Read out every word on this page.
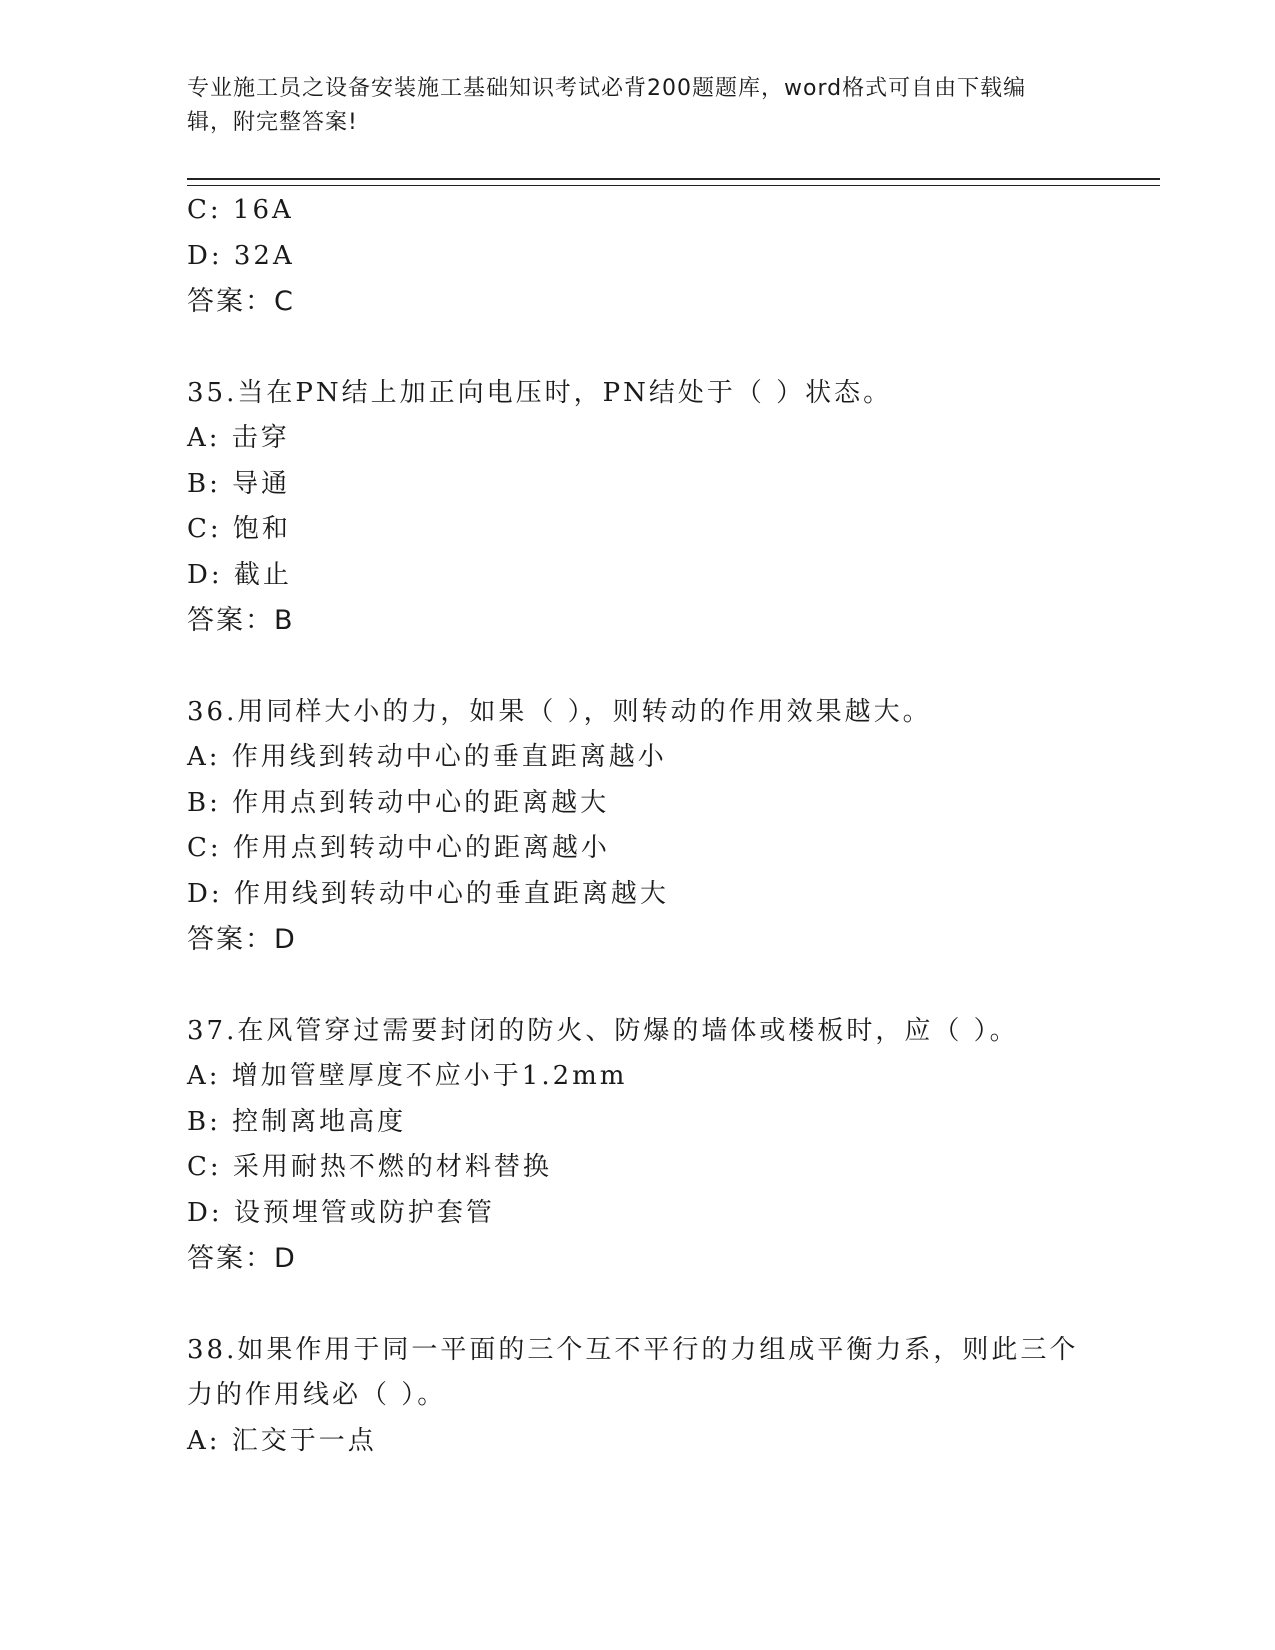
专业施工员之设备安装施工基础知识考试必背200题题库，word格式可自由下载编辑，附完整答案!
C: 16A
D: 32A
答案：C
35.当在PN结上加正向电压时，PN结处于（ ）状态。
A: 击穿
B: 导通
C: 饱和
D: 截止
答案：B
36.用同样大小的力，如果（ ），则转动的作用效果越大。
A: 作用线到转动中心的垂直距离越小
B: 作用点到转动中心的距离越大
C: 作用点到转动中心的距离越小
D: 作用线到转动中心的垂直距离越大
答案：D
37.在风管穿过需要封闭的防火、防爆的墙体或楼板时，应（ ）。
A: 增加管壁厚度不应小于1.2mm
B: 控制离地高度
C: 采用耐热不燃的材料替换
D: 设预埋管或防护套管
答案：D
38.如果作用于同一平面的三个互不平行的力组成平衡力系，则此三个力的作用线必（ ）。
A: 汇交于一点
